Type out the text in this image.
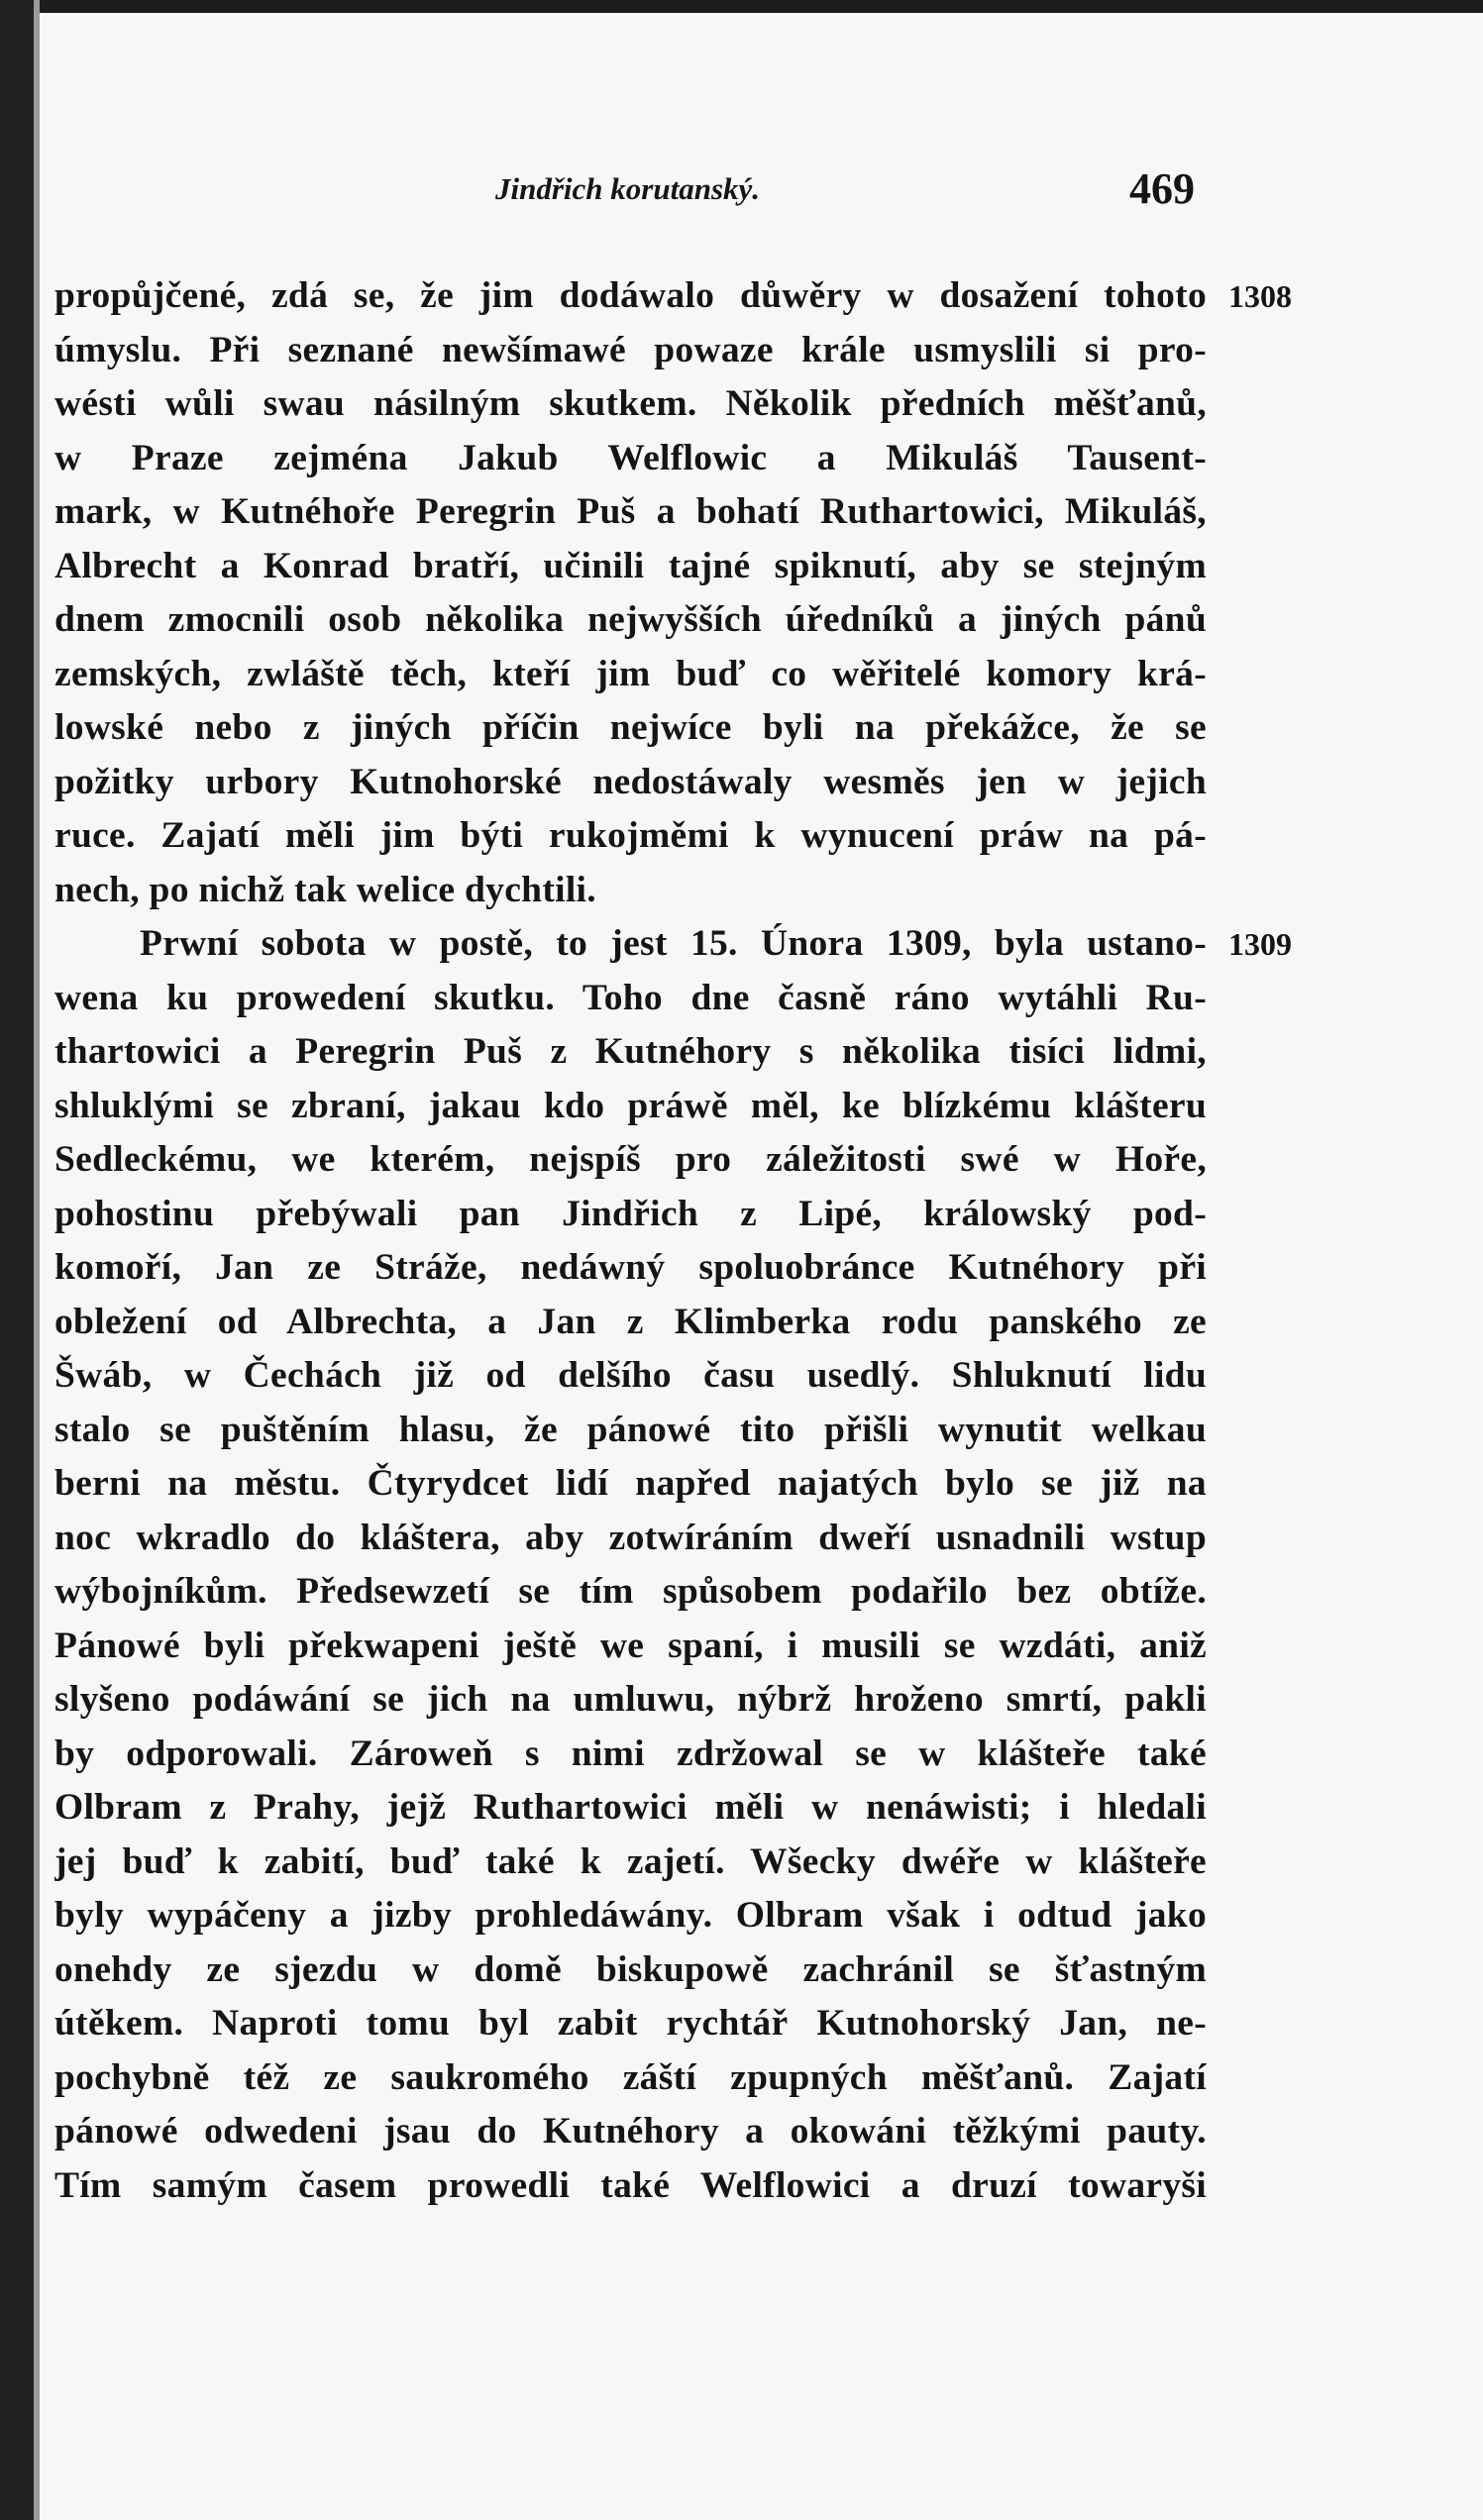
Jindřich korutanský.	469
1308
1309
propůjčené, zdá se, že jim dodáwalo důwěry w dosažení tohoto
úmyslu. Při seznané newšímawé powaze krále usmyslili si pro-
wésti wůli swau násilným skutkem. Několik předních měšťanů,
w Praze zejména Jakub Welflowic a Mikuláš Tausent-
mark, w Kutnéhoře Peregrin Puš a bohatí Ruthartowici, Mikuláš,
Albrecht a Konrad bratří, učinili tajné spiknutí, aby se stejným
dnem zmocnili osob několika nejwyšších úředníků a jiných pánů
zemských, zwláště těch, kteří jim buď co wěřitelé komory krá-
lowské nebo z jiných příčin nejwíce byli na překážce, že se
požitky urbory Kutnohorské nedostáwaly wesměs jen w jejich
ruce. Zajatí měli jim býti rukojměmi k wynucení práw na pá-
nech, po nichž tak welice dychtili.
Prwní sobota w postě, to jest 15. Února 1309, byla ustano-
wena ku prowedení skutku. Toho dne časně ráno wytáhli Ru-
thartowici a Peregrin Puš z Kutnéhory s několika tisíci lidmi,
shluklými se zbraní, jakau kdo práwě měl, ke blízkému klášteru
Sedleckému, we kterém, nejspíš pro záležitosti swé w Hoře,
pohostinu přebýwali pan Jindřich z Lipé, králowský pod-
komoří, Jan ze Stráže, nedáwný spoluobránce Kutnéhory při
obležení od Albrechta, a Jan z Klimberka rodu panského ze
Šwáb, w Čechách již od delšího času usedlý. Shluknutí lidu
stalo se puštěním hlasu, že pánowé tito přišli wynutit welkau
berni na městu. Čtyrydcet lidí napřed najatých bylo se již na
noc wkradlo do kláštera, aby zotwíráním dweří usnadnili wstup
wýbojníkům. Předsewzetí se tím spůsobem podařilo bez obtíže.
Pánowé byli překwapeni ještě we spaní, i musili se wzdáti, aniž
slyšeno podáwání se jich na umluwu, nýbrž hroženo smrtí, pakli
by odporowali. Zároweň s nimi zdržowal se w klášteře také
Olbram z Prahy, jejž Ruthartowici měli w nenáwisti; i hledali
jej buď k zabití, buď také k zajetí. Wšecky dwéře w klášteře
byly wypáčeny a jizby prohledáwány. Olbram však i odtud jako
onehdy ze sjezdu w domě biskupowě zachránil se šťastným
útěkem. Naproti tomu byl zabit rychtář Kutnohorský Jan, ne-
pochybně též ze saukromého záští zpupných měšťanů. Zajatí
pánowé odwedeni jsau do Kutnéhory a okowáni těžkými pauty.
Tím samým časem prowedli také Welflowici a druzí towaryši
